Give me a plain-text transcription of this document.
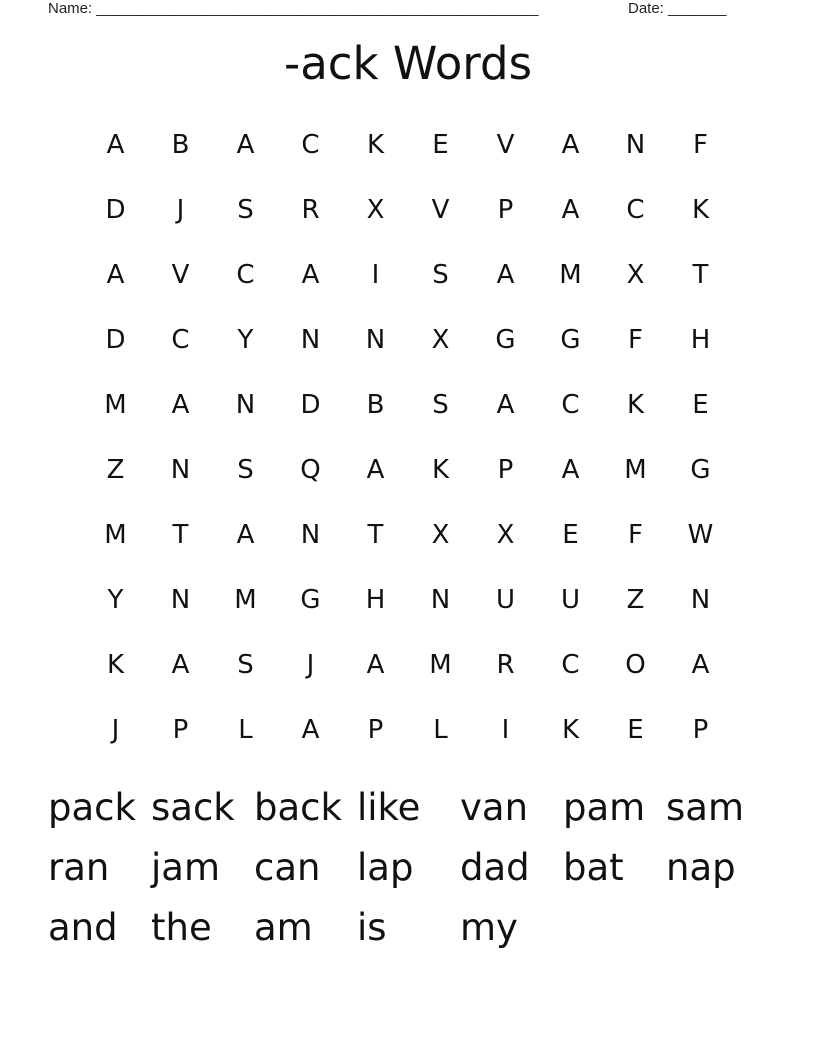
Name: _____________________________________________________	Date: _______
-ack Words
A	B	A	C	K	E	V	A	N	F
D	J	S	R	X	V	P	A	C	K
A	V	C	A	I	S	A	M	X	T
D	C	Y	N	N	X	G	G	F	H
M	A	N	D	B	S	A	C	K	E
Z	N	S	Q	A	K	P	A	M	G
M	T	A	N	T	X	X	E	F	W
Y	N	M	G	H	N	U	U	Z	N
K	A	S	J	A	M	R	C	O	A
J	P	L	A	P	L	I	K	E	P
pack sack back like	van pam sam
ran	jam can lap	dad bat	nap
and the	am	is	my
